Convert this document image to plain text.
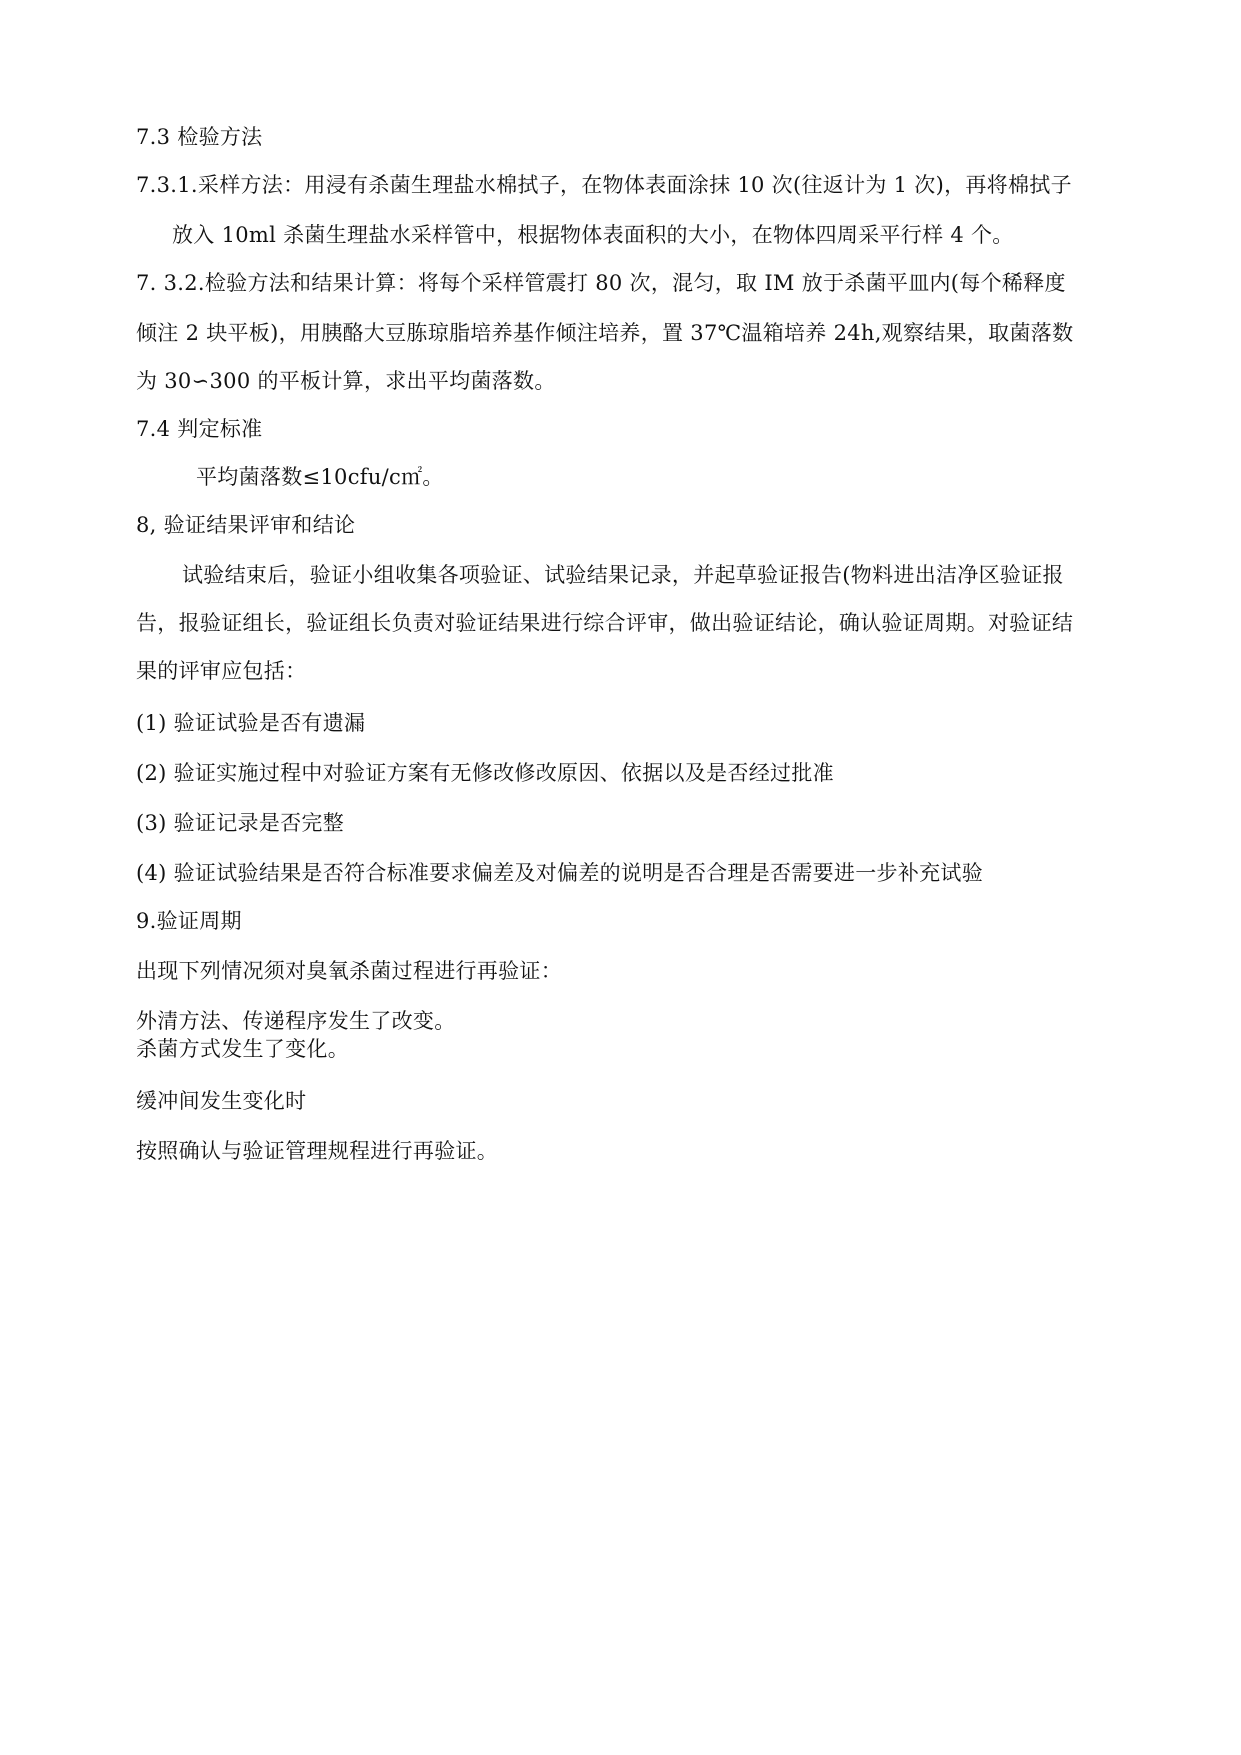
7.3 检验方法
7.3.1.采样方法：用浸有杀菌生理盐水棉拭子，在物体表面涂抹 10 次(往返计为 1 次)，再将棉拭子
放入 10ml 杀菌生理盐水采样管中，根据物体表面积的大小，在物体四周采平行样 4 个。
7. 3.2.检验方法和结果计算：将每个采样管震打 80 次，混匀，取 IM 放于杀菌平皿内(每个稀释度
倾注 2 块平板)，用胰酪大豆胨琼脂培养基作倾注培养，置 37℃温箱培养 24h,观察结果，取菌落数
为 30∽300 的平板计算，求出平均菌落数。
7.4 判定标准
平均菌落数≤10cfu/c㎡。
8, 验证结果评审和结论
试验结束后，验证小组收集各项验证、试验结果记录，并起草验证报告(物料进出洁净区验证报
告，报验证组长，验证组长负责对验证结果进行综合评审，做出验证结论，确认验证周期。对验证结
果的评审应包括：
(1) 验证试验是否有遗漏
(2) 验证实施过程中对验证方案有无修改修改原因、依据以及是否经过批准
(3) 验证记录是否完整
(4) 验证试验结果是否符合标准要求偏差及对偏差的说明是否合理是否需要进一步补充试验
9.验证周期
出现下列情况须对臭氧杀菌过程进行再验证：
外清方法、传递程序发生了改变。
杀菌方式发生了变化。
缓冲间发生变化时
按照确认与验证管理规程进行再验证。
